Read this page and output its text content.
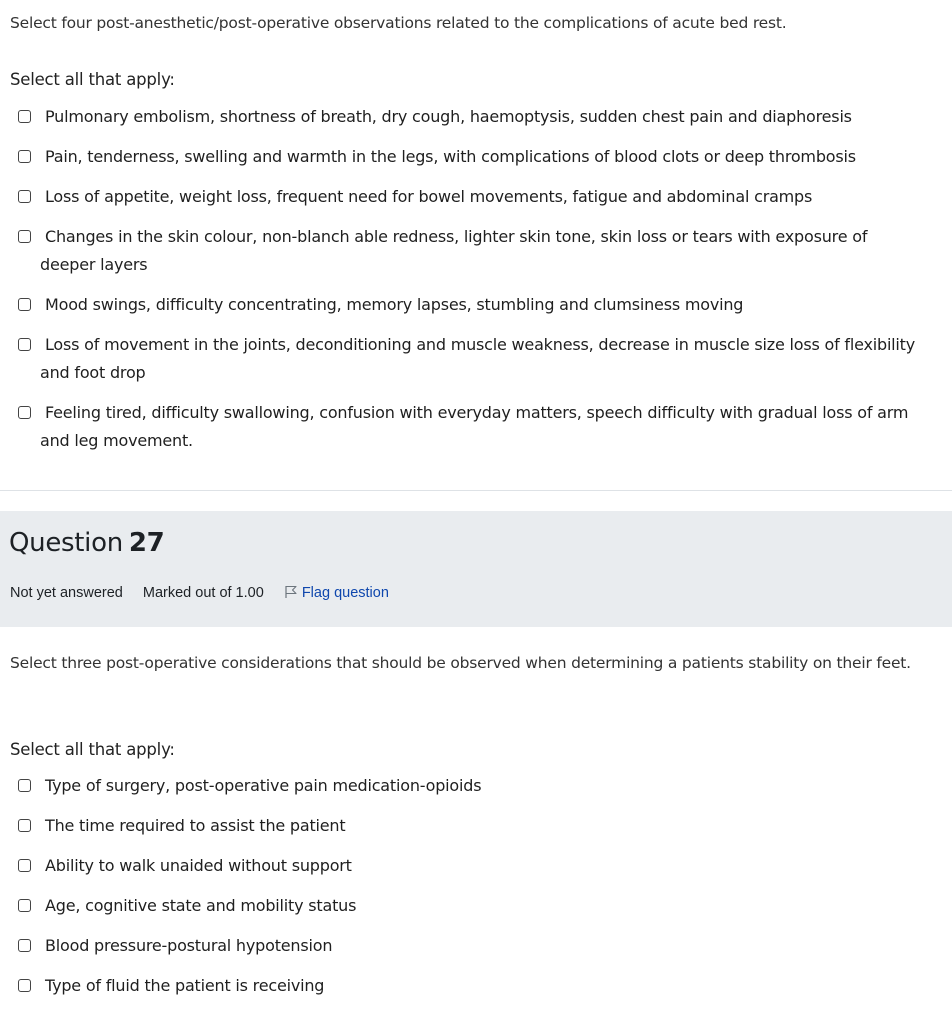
Select four post-anesthetic/post-operative observations related to the complications of acute bed rest.
Select all that apply:
Pulmonary embolism, shortness of breath, dry cough, haemoptysis, sudden chest pain and diaphoresis
Pain, tenderness, swelling and warmth in the legs, with complications of blood clots or deep thrombosis
Loss of appetite, weight loss, frequent need for bowel movements, fatigue and abdominal cramps
Changes in the skin colour, non-blanch able redness, lighter skin tone, skin loss or tears with exposure of deeper layers
Mood swings, difficulty concentrating, memory lapses, stumbling and clumsiness moving
Loss of movement in the joints, deconditioning and muscle weakness, decrease in muscle size loss of flexibility and foot drop
Feeling tired, difficulty swallowing, confusion with everyday matters, speech difficulty with gradual loss of arm and leg movement.
Question 27
Not yet answered Marked out of 1.00	Flag question
Select three post-operative considerations that should be observed when determining a patients stability on their feet.
Select all that apply:
Type of surgery, post-operative pain medication-opioids
The time required to assist the patient
Ability to walk unaided without support
Age, cognitive state and mobility status
Blood pressure-postural hypotension
Type of fluid the patient is receiving
